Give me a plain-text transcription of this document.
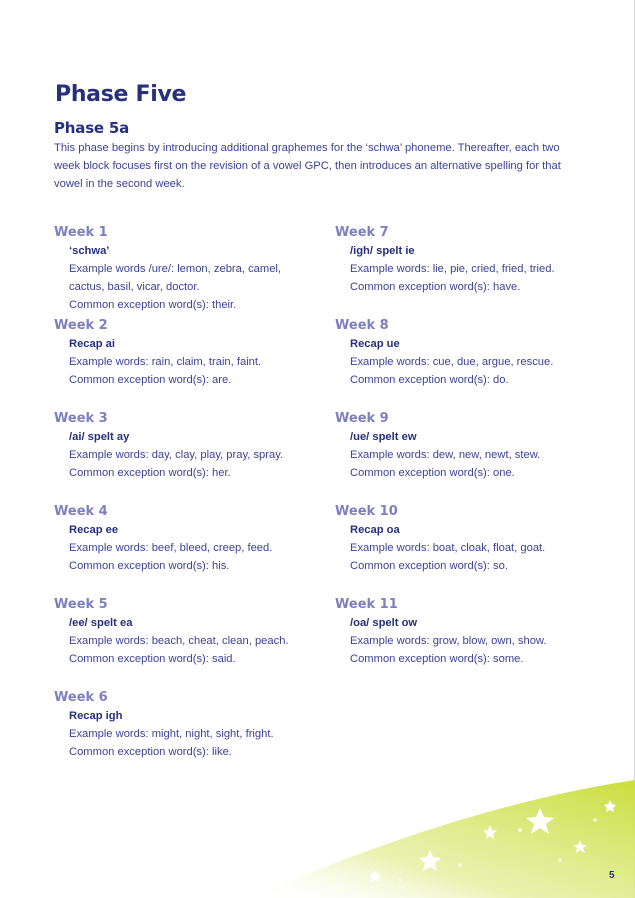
Phase Five
Phase 5a

This phase begins by introducing additional graphemes for the ‘schwa’ phoneme. Thereafter, each two week block focuses first on the revision of a vowel GPC, then introduces an alternative spelling for that vowel in the second week.

Week 1
‘schwa’
Example words /ure/: lemon, zebra, camel,
cactus, basil, vicar, doctor.
Common exception word(s): their.
Week 2
Recap ai
Example words: rain, claim, train, faint.
Common exception word(s): are.
Week 3
/ai/ spelt ay
Example words: day, clay, play, pray, spray.
Common exception word(s): her.
Week 4
Recap ee
Example words: beef, bleed, creep, feed.
Common exception word(s): his.
Week 5
/ee/ spelt ea
Example words: beach, cheat, clean, peach.
Common exception word(s): said.
Week 6
Recap igh
Example words: might, night, sight, fright.
Common exception word(s): like.
Week 7
/igh/ spelt ie
Example words: lie, pie, cried, fried, tried.
Common exception word(s): have.
Week 8
Recap ue
Example words: cue, due, argue, rescue.
Common exception word(s): do.
Week 9
/ue/ spelt ew
Example words: dew, new, newt, stew.
Common exception word(s): one.
Week 10
Recap oa
Example words: boat, cloak, float, goat.
Common exception word(s): so.
Week 11
/oa/ spelt ow
Example words: grow, blow, own, show.
Common exception word(s): some.
5
